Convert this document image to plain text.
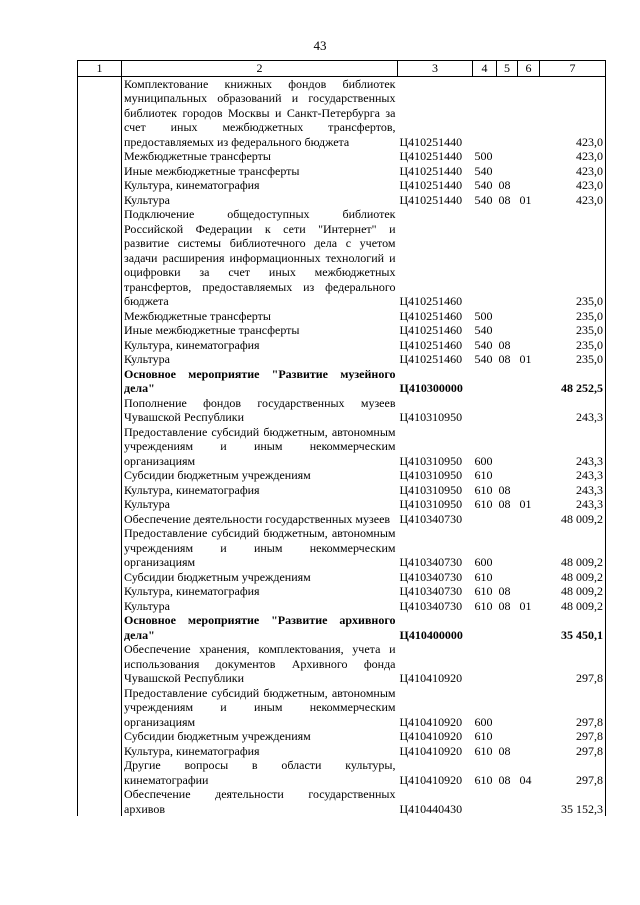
43
1	2	3	4	5	6	7
	Комплектование книжных фондов библиотек муниципальных образований и государственных библиотек городов Москвы и Санкт-Петербурга за счет иных межбюджетных трансфертов, предоставляемых из федерального бюджета	Ц410251440				423,0
	Межбюджетные трансферты	Ц410251440	500			423,0
	Иные межбюджетные трансферты	Ц410251440	540			423,0
	Культура, кинематография	Ц410251440	540	08		423,0
	Культура	Ц410251440	540	08	01	423,0
	Подключение общедоступных библиотек Российской Федерации к сети "Интернет" и развитие системы библиотечного дела с учетом задачи расширения информационных технологий и оцифровки за счет иных межбюджетных трансфертов, предоставляемых из федерального бюджета	Ц410251460				235,0
	Межбюджетные трансферты	Ц410251460	500			235,0
	Иные межбюджетные трансферты	Ц410251460	540			235,0
	Культура, кинематография	Ц410251460	540	08		235,0
	Культура	Ц410251460	540	08	01	235,0
	Основное мероприятие "Развитие музейного дела"	Ц410300000				48 252,5
	Пополнение фондов государственных музеев Чувашской Республики	Ц410310950				243,3
	Предоставление субсидий бюджетным, автономным учреждениям и иным некоммерческим организациям	Ц410310950	600			243,3
	Субсидии бюджетным учреждениям	Ц410310950	610			243,3
	Культура, кинематография	Ц410310950	610	08		243,3
	Культура	Ц410310950	610	08	01	243,3
	Обеспечение деятельности государственных музеев	Ц410340730				48 009,2
	Предоставление субсидий бюджетным, автономным учреждениям и иным некоммерческим организациям	Ц410340730	600			48 009,2
	Субсидии бюджетным учреждениям	Ц410340730	610			48 009,2
	Культура, кинематография	Ц410340730	610	08		48 009,2
	Культура	Ц410340730	610	08	01	48 009,2
	Основное мероприятие "Развитие архивного дела"	Ц410400000				35 450,1
	Обеспечение хранения, комплектования, учета и использования документов Архивного фонда Чувашской Республики	Ц410410920				297,8
	Предоставление субсидий бюджетным, автономным учреждениям и иным некоммерческим организациям	Ц410410920	600			297,8
	Субсидии бюджетным учреждениям	Ц410410920	610			297,8
	Культура, кинематография	Ц410410920	610	08		297,8
	Другие вопросы в области культуры, кинематографии	Ц410410920	610	08	04	297,8
	Обеспечение деятельности государственных архивов	Ц410440430				35 152,3
